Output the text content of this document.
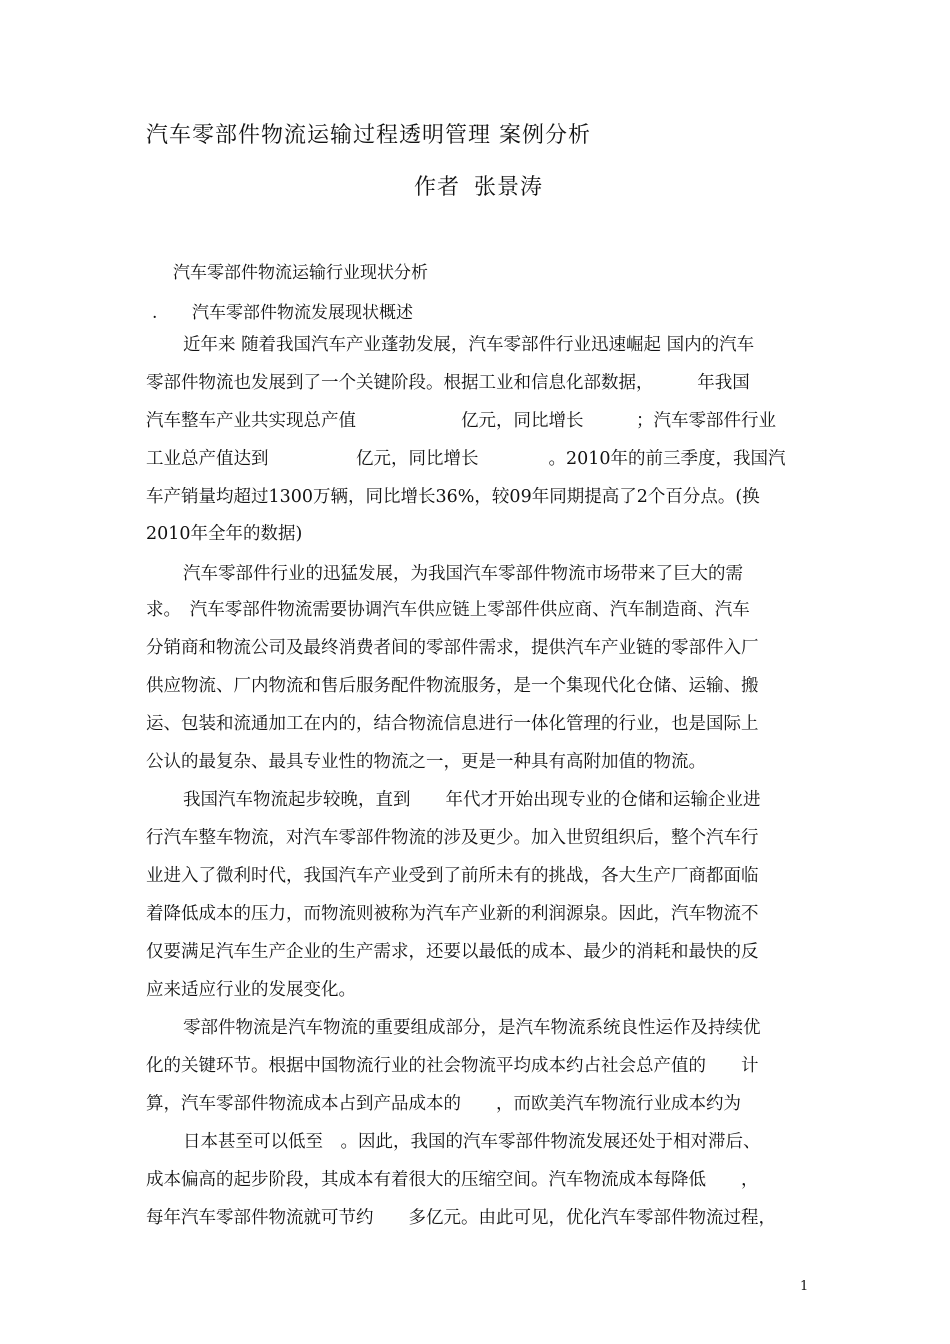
汽车零部件物流运输过程透明管理 案例分析
作者 张景涛
汽车零部件物流运输行业现状分析
. 汽车零部件物流发展现状概述
近年来 随着我国汽车产业蓬勃发展，汽车零部件行业迅速崛起 国内的汽车
零部件物流也发展到了一个关键阶段。根据工业和信息化部数据，　　　年我国
汽车整车产业共实现总产值　　　　　　亿元，同比增长　　　；汽车零部件行业
工业总产值达到　　　　　亿元，同比增长　　　　。2010年的前三季度，我国汽
车产销量均超过1300万辆，同比增长36%，较09年同期提高了2个百分点。(换
2010年全年的数据)
汽车零部件行业的迅猛发展，为我国汽车零部件物流市场带来了巨大的需
求。　汽车零部件物流需要协调汽车供应链上零部件供应商、汽车制造商、汽车
分销商和物流公司及最终消费者间的零部件需求，提供汽车产业链的零部件入厂
供应物流、厂内物流和售后服务配件物流服务，是一个集现代化仓储、运输、搬
运、包装和流通加工在内的，结合物流信息进行一体化管理的行业，也是国际上
公认的最复杂、最具专业性的物流之一，更是一种具有高附加值的物流。
我国汽车物流起步较晚，直到　　年代才开始出现专业的仓储和运输企业进
行汽车整车物流，对汽车零部件物流的涉及更少。加入世贸组织后，整个汽车行
业进入了微利时代，我国汽车产业受到了前所未有的挑战，各大生产厂商都面临
着降低成本的压力，而物流则被称为汽车产业新的利润源泉。因此，汽车物流不
仅要满足汽车生产企业的生产需求，还要以最低的成本、最少的消耗和最快的反
应来适应行业的发展变化。
零部件物流是汽车物流的重要组成部分，是汽车物流系统良性运作及持续优
化的关键环节。根据中国物流行业的社会物流平均成本约占社会总产值的　　计
算，汽车零部件物流成本占到产品成本的　　，而欧美汽车物流行业成本约为
日本甚至可以低至　。因此，我国的汽车零部件物流发展还处于相对滞后、
成本偏高的起步阶段，其成本有着很大的压缩空间。汽车物流成本每降低　　，
每年汽车零部件物流就可节约　　多亿元。由此可见，优化汽车零部件物流过程，
1
